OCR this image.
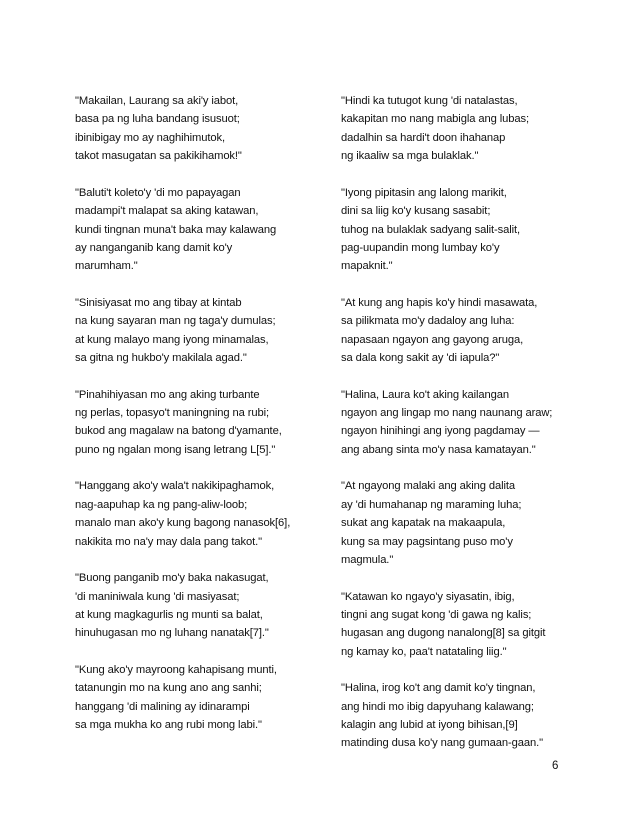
"Makailan, Laurang sa aki'y iabot,
basa pa ng luha bandang isusuot;
ibinibigay mo ay naghihimutok,
takot masugatan sa pakikihamok!"
"Baluti't koleto'y 'di mo papayagan
madampi't malapat sa aking katawan,
kundi tingnan muna't baka may kalawang
ay nanganganib kang damit ko'y
marumham."
"Sinisiyasat mo ang tibay at kintab
na kung sayaran man ng taga'y dumulas;
at kung malayo mang iyong minamalas,
sa gitna ng hukbo'y makilala agad."
"Pinahihiyasan mo ang aking turbante
ng perlas, topasyo't maningning na rubi;
bukod ang magalaw na batong d'yamante,
puno ng ngalan mong isang letrang L[5]."
"Hanggang ako'y wala't nakikipaghamok,
nag-aapuhap ka ng pang-aliw-loob;
manalo man ako'y kung bagong nanasok[6],
nakikita mo na'y may dala pang takot."
"Buong panganib mo'y baka nakasugat,
'di maniniwala kung 'di masiyasat;
at kung magkagurlis ng munti sa balat,
hinuhugasan mo ng luhang nanatak[7]."
"Kung ako'y mayroong kahapisang munti,
tatanungin mo na kung ano ang sanhi;
hanggang 'di malining ay idinarampi
sa mga mukha ko ang rubi mong labi."
"Hindi ka tutugot kung 'di natalastas,
kakapitan mo nang mabigla ang lubas;
dadalhin sa hardi't doon ihahanap
ng ikaaliw sa mga bulaklak."
"Iyong pipitasin ang lalong marikit,
dini sa liig ko'y kusang sasabit;
tuhog na bulaklak sadyang salit-salit,
pag-uupandin mong lumbay ko'y
mapaknit."
"At kung ang hapis ko'y hindi masawata,
sa pilikmata mo'y dadaloy ang luha:
napasaan ngayon ang gayong aruga,
sa dala kong sakit ay 'di iapula?"
"Halina, Laura ko't aking kailangan
ngayon ang lingap mo nang naunang araw;
ngayon hinihingi ang iyong pagdamay —
ang abang sinta mo'y nasa kamatayan."
"At ngayong malaki ang aking dalita
ay 'di humahanap ng maraming luha;
sukat ang kapatak na makaapula,
kung sa may pagsintang puso mo'y
magmula."
"Katawan ko ngayo'y siyasatin, ibig,
tingni ang sugat kong 'di gawa ng kalis;
hugasan ang dugong nanalong[8] sa gitgit
ng kamay ko, paa't natataling liig."
"Halina, irog ko't ang damit ko'y tingnan,
ang hindi mo ibig dapyuhang kalawang;
kalagin ang lubid at iyong bihisan,[9]
matinding dusa ko'y nang gumaan-gaan."
6
